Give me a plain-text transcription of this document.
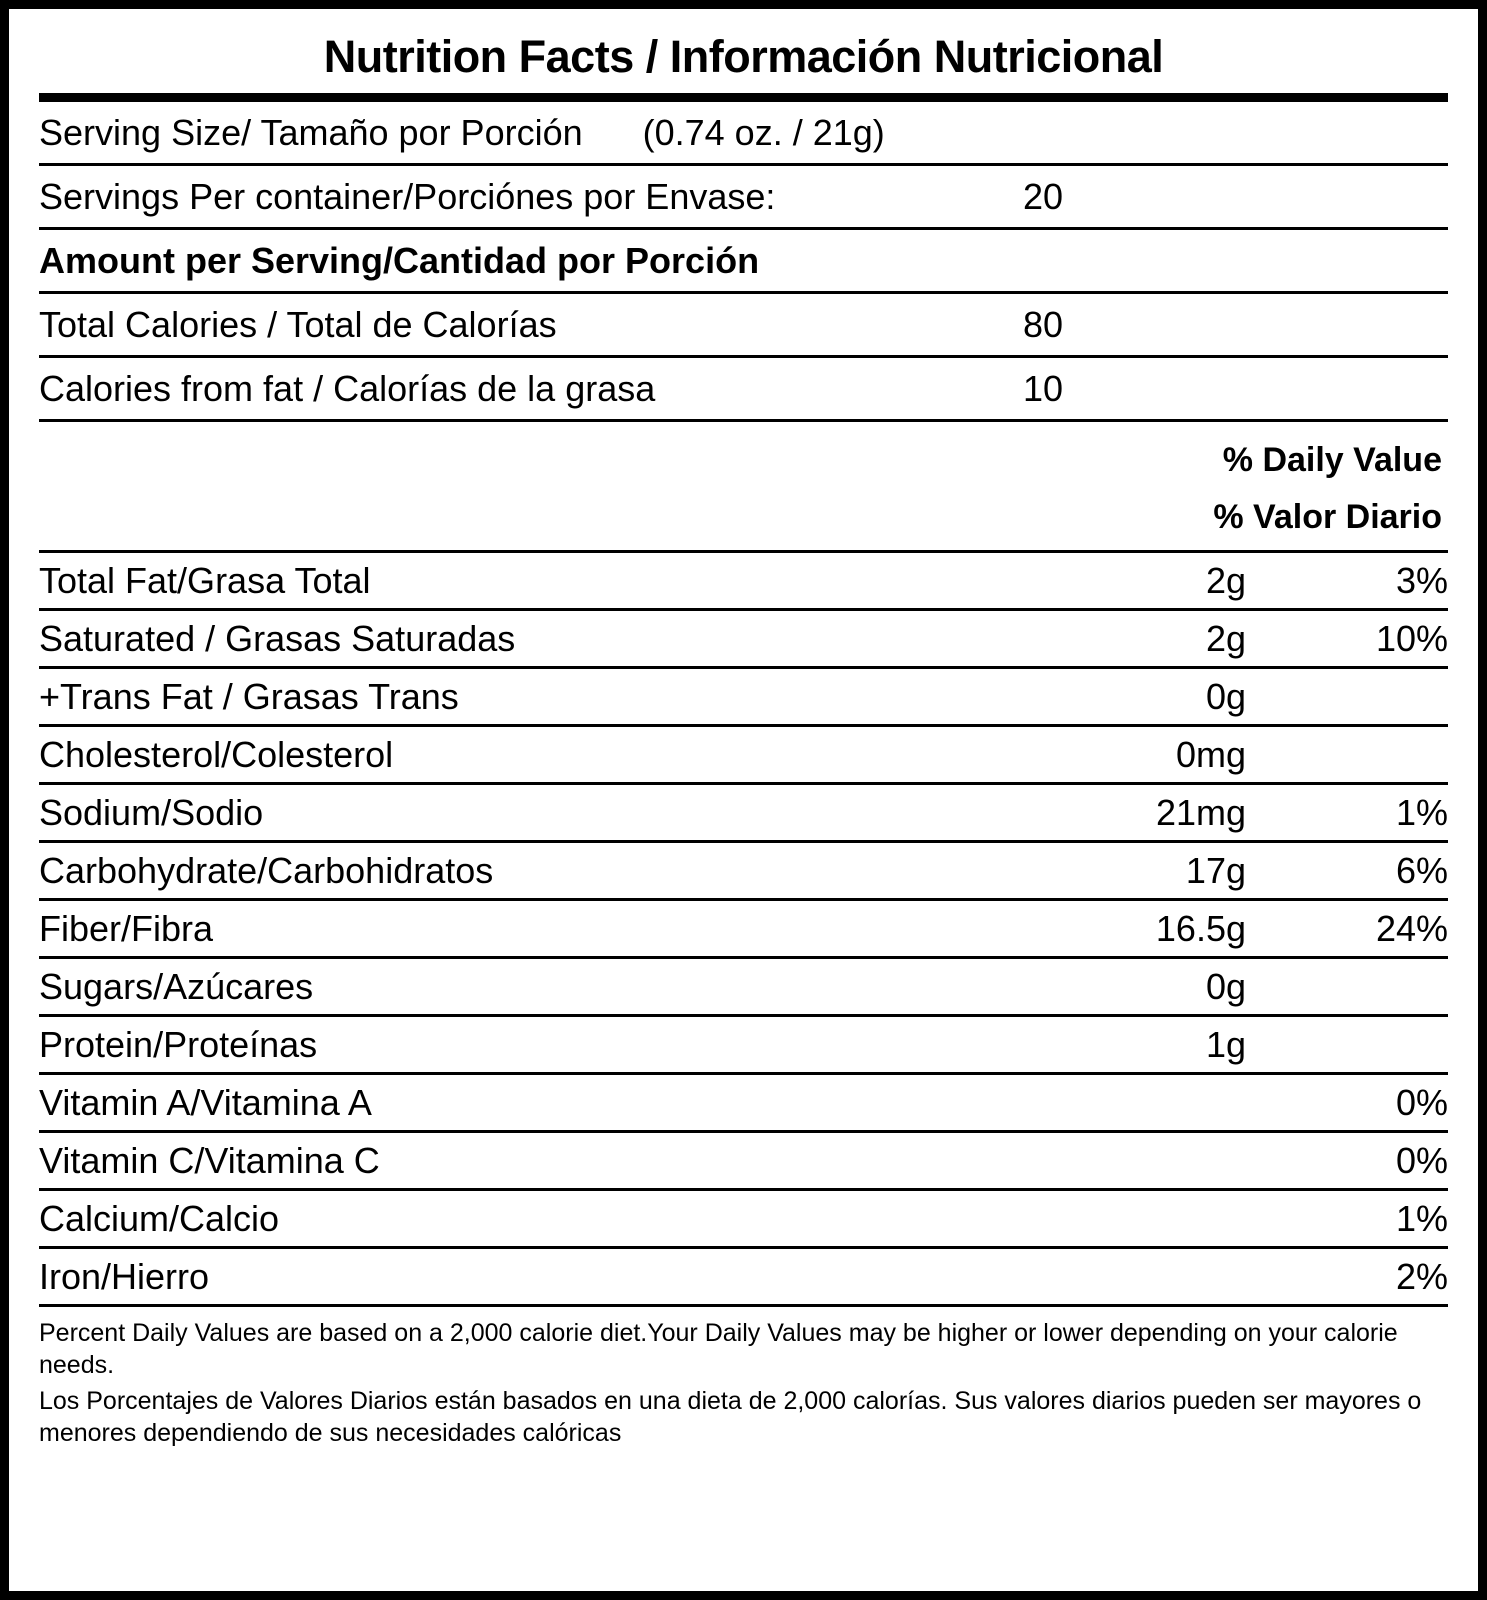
Nutrition Facts / Información Nutricional
Serving Size/ Tamaño por Porción	(0.74 oz. / 21g)
Servings Per container/Porciónes por Envase:	20
Amount per Serving/Cantidad por Porción
Total Calories / Total de Calorías	80
Calories from fat / Calorías de la grasa	10
% Daily Value
% Valor Diario
Total Fat/Grasa Total	2g	3%
Saturated / Grasas Saturadas	2g	10%
+Trans Fat / Grasas Trans	0g
Cholesterol/Colesterol	0mg
Sodium/Sodio	21mg	1%
Carbohydrate/Carbohidratos	17g	6%
Fiber/Fibra	16.5g	24%
Sugars/Azúcares	0g
Protein/Proteínas	1g
Vitamin A/Vitamina A	0%
Vitamin C/Vitamina C	0%
Calcium/Calcio	1%
Iron/Hierro	2%

Percent Daily Values are based on a 2,000 calorie diet.Your Daily Values may be higher or lower depending on your calorie needs.

Los Porcentajes de Valores Diarios están basados en una dieta de 2,000 calorías. Sus valores diarios pueden ser mayores o menores dependiendo de sus necesidades calóricas
